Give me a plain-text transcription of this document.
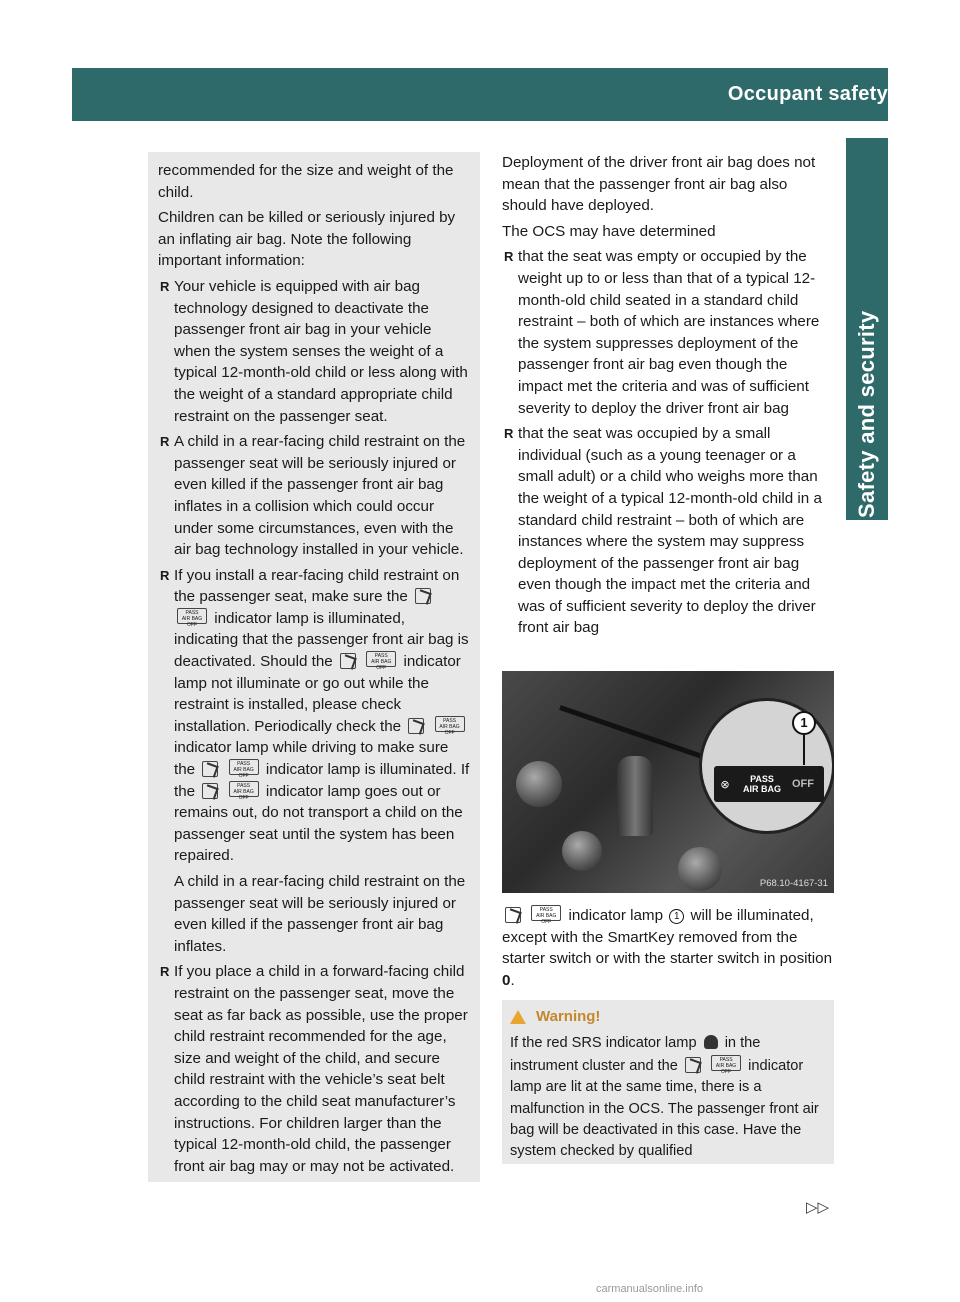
Occupant safety	51
Safety and security

recommended for the size and weight of the child.

Children can be killed or seriously injured by an inflating air bag. Note the following important information:

R Your vehicle is equipped with air bag technology designed to deactivate the passenger front air bag in your vehicle when the system senses the weight of a typical 12-month-old child or less along with the weight of a standard appropriate child restraint on the passenger seat.
R A child in a rear-facing child restraint on the passenger seat will be seriously injured or even killed if the passenger front air bag inflates in a collision which could occur under some circumstances, even with the air bag technology installed in your vehicle.
R If you install a rear-facing child restraint on the passenger seat, make sure the  PASS
AIR BAG OFF indicator lamp is illuminated, indicating that the passenger front air bag is deactivated. Should the	PASS
AIR BAG OFF indicator lamp not illuminate or go out while the restraint is installed, please check installation. Periodically check the	PASS
AIR BAG OFF indicator lamp while driving to make sure the	PASS
AIR BAG OFF indicator lamp is illuminated. If the	PASS
AIR BAG OFF indicator lamp goes out or remains out, do not transport a child on the passenger seat until the system has been repaired.
A child in a rear-facing child restraint on the passenger seat will be seriously injured or even killed if the passenger front air bag inflates.
R If you place a child in a forward-facing child restraint on the passenger seat, move the seat as far back as possible, use the proper child restraint recommended for the age, size and weight of the child, and secure child restraint with the vehicle’s seat belt according to the child seat manufacturer’s instructions. For children larger than the typical 12-month-old child, the passenger front air bag may or may not be activated.

Deployment of the driver front air bag does not mean that the passenger front air bag also should have deployed.

The OCS may have determined

R that the seat was empty or occupied by the weight up to or less than that of a typical 12-month-old child seated in a standard child restraint – both of which are instances where the system suppresses deployment of the passenger front air bag even though the impact met the criteria and was of sufficient severity to deploy the driver front air bag
R that the seat was occupied by a small individual (such as a young teenager or a small adult) or a child who weighs more than the weight of a typical 12-month-old child in a standard child restraint – both of which are instances where the system may suppress deployment of the passenger front air bag even though the impact met the criteria and was of sufficient severity to deploy the driver front air bag
1
⊗	PASS
AIR BAG	OFF
P68.10-4167-31
PASS
AIR BAG OFF indicator lamp 1 will be illuminated, except with the SmartKey removed from the starter switch or with the starter switch in position 0.
Warning!
If the red SRS indicator lamp in the instrument cluster and the	PASS
AIR BAG OFF indicator lamp are lit at the same time, there is a malfunction in the OCS. The passenger front air bag will be deactivated in this case. Have the system checked by qualified
▷▷
carmanualsonline.info
